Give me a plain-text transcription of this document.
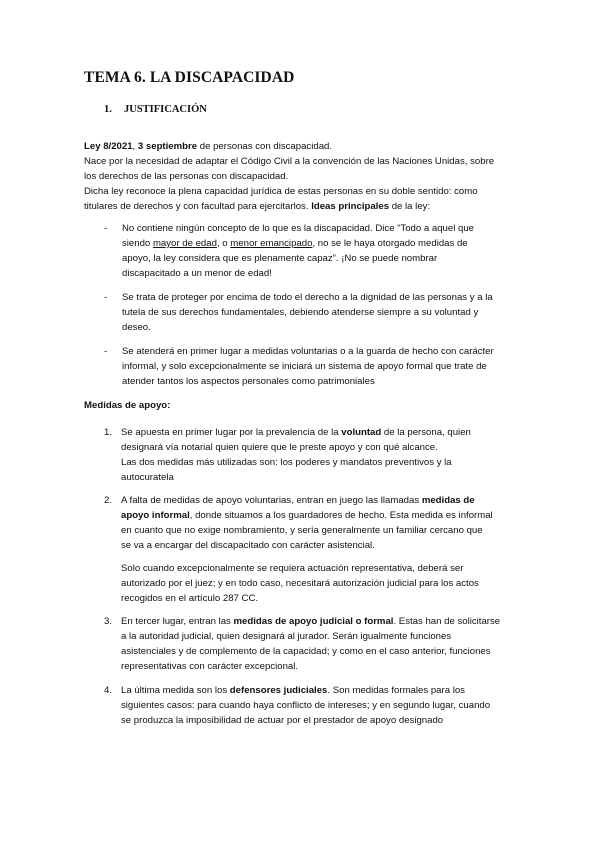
TEMA 6. LA DISCAPACIDAD
1. JUSTIFICACIÓN
Ley 8/2021, 3 septiembre de personas con discapacidad.
Nace por la necesidad de adaptar el Código Civil a la convención de las Naciones Unidas, sobre
los derechos de las personas con discapacidad.
Dicha ley reconoce la plena capacidad jurídica de estas personas en su doble sentido: como
titulares de derechos y con facultad para ejercitarlos. Ideas principales de la ley:
- No contiene ningún concepto de lo que es la discapacidad. Dice “Todo a aquel que
siendo mayor de edad, o menor emancipado, no se le haya otorgado medidas de
apoyo, la ley considera que es plenamente capaz”. ¡No se puede nombrar
discapacitado a un menor de edad!
- Se trata de proteger por encima de todo el derecho a la dignidad de las personas y a la
tutela de sus derechos fundamentales, debiendo atenderse siempre a su voluntad y
deseo.
- Se atenderá en primer lugar a medidas voluntarias o a la guarda de hecho con carácter
informal, y solo excepcionalmente se iniciará un sistema de apoyo formal que trate de
atender tantos los aspectos personales como patrimoniales
Medidas de apoyo:
1. Se apuesta en primer lugar por la prevalencia de la voluntad de la persona, quien
designará vía notarial quien quiere que le preste apoyo y con qué alcance.
Las dos medidas más utilizadas son: los poderes y mandatos preventivos y la
autocuratela
2. A falta de medidas de apoyo voluntarias, entran en juego las llamadas medidas de
apoyo informal, donde situamos a los guardadores de hecho. Esta medida es informal
en cuanto que no exige nombramiento, y sería generalmente un familiar cercano que
se va a encargar del discapacitado con carácter asistencial.
Solo cuando excepcionalmente se requiera actuación representativa, deberá ser
autorizado por el juez; y en todo caso, necesitará autorización judicial para los actos
recogidos en el artículo 287 CC.
3. En tercer lugar, entran las medidas de apoyo judicial o formal. Estas han de solicitarse
a la autoridad judicial, quien designará al jurador. Serán igualmente funciones
asistenciales y de complemento de la capacidad; y como en el caso anterior, funciones
representativas con carácter excepcional.
4. La última medida son los defensores judiciales. Son medidas formales para los
siguientes casos: para cuando haya conflicto de intereses; y en segundo lugar, cuando
se produzca la imposibilidad de actuar por el prestador de apoyo designado
